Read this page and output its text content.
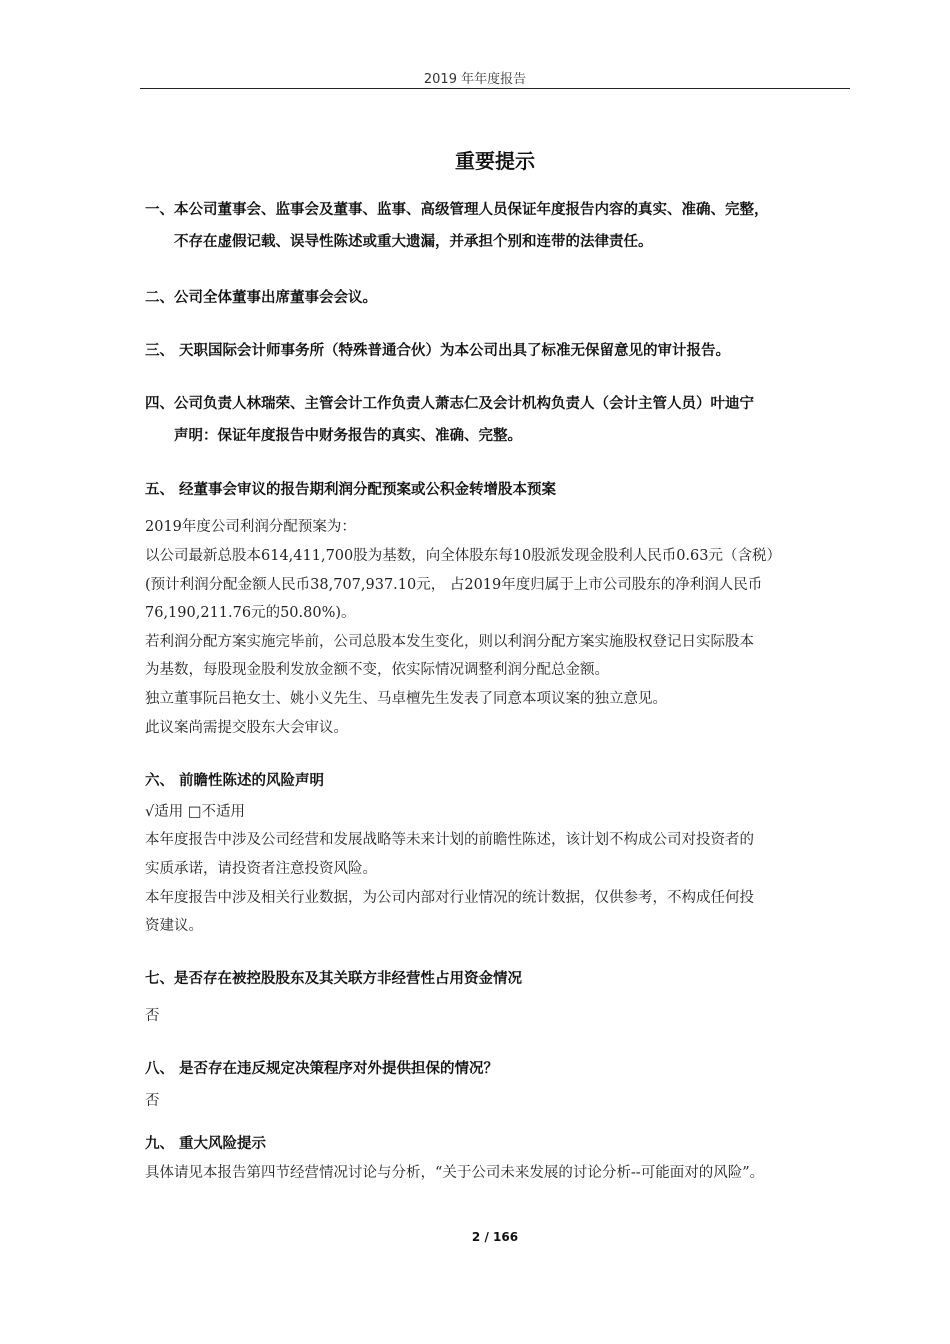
2019 年年度报告
重要提示
一、本公司董事会、监事会及董事、监事、高级管理人员保证年度报告内容的真实、准确、完整，
不存在虚假记载、误导性陈述或重大遗漏，并承担个别和连带的法律责任。
二、公司全体董事出席董事会会议。
三、 天职国际会计师事务所（特殊普通合伙）为本公司出具了标准无保留意见的审计报告。
四、公司负责人林瑞荣、主管会计工作负责人萧志仁及会计机构负责人（会计主管人员）叶迪宁
声明：保证年度报告中财务报告的真实、准确、完整。
五、 经董事会审议的报告期利润分配预案或公积金转增股本预案
2019年度公司利润分配预案为：
以公司最新总股本614,411,700股为基数，向全体股东每10股派发现金股利人民币0.63元（含税）
(预计利润分配金额人民币38,707,937.10元， 占2019年度归属于上市公司股东的净利润人民币
76,190,211.76元的50.80%)。
若利润分配方案实施完毕前，公司总股本发生变化，则以利润分配方案实施股权登记日实际股本
为基数，每股现金股利发放金额不变，依实际情况调整利润分配总金额。
独立董事阮吕艳女士、姚小义先生、马卓檀先生发表了同意本项议案的独立意见。
此议案尚需提交股东大会审议。
六、 前瞻性陈述的风险声明
√适用 □不适用
本年度报告中涉及公司经营和发展战略等未来计划的前瞻性陈述，该计划不构成公司对投资者的
实质承诺，请投资者注意投资风险。
本年度报告中涉及相关行业数据，为公司内部对行业情况的统计数据，仅供参考，不构成任何投
资建议。
七、是否存在被控股股东及其关联方非经营性占用资金情况
否
八、 是否存在违反规定决策程序对外提供担保的情况？
否
九、 重大风险提示
具体请见本报告第四节经营情况讨论与分析，“关于公司未来发展的讨论分析--可能面对的风险”。
2 / 166
